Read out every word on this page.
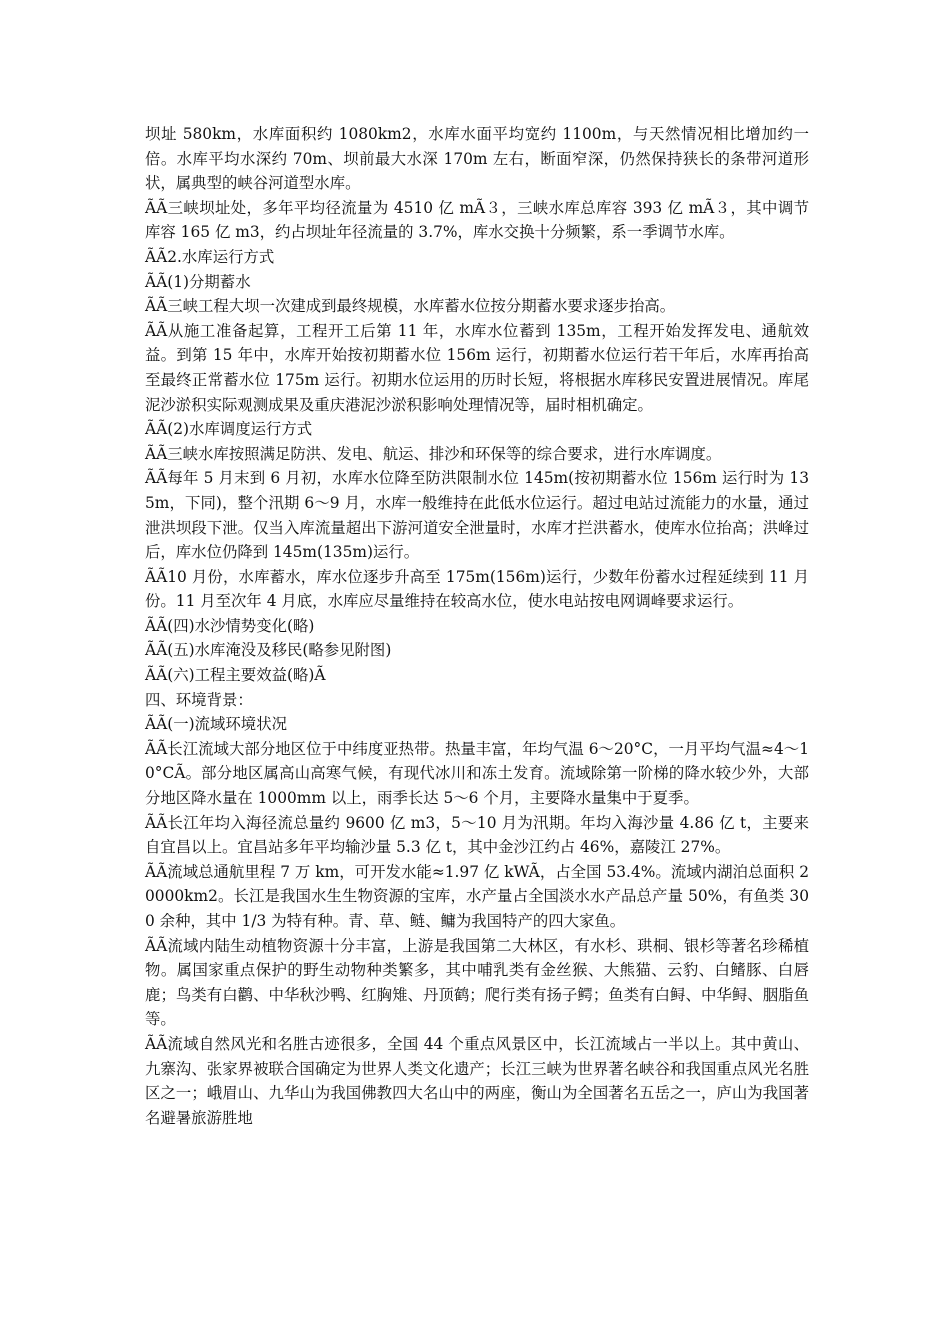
坝址 580km，水库面积约 1080km2，水库水面平均宽约 1100m，与天然情况相比增加约一倍。水库平均水深约 70m、坝前最大水深 170m 左右，断面窄深，仍然保持狭长的条带河道形状，属典型的峡谷河道型水库。

ÃÃ三峡坝址处，多年平均径流量为 4510 亿 mÃ３，三峡水库总库容 393 亿 mÃ３，其中调节库容 165 亿 m3，约占坝址年径流量的 3.7%，库水交换十分频繁，系一季调节水库。

ÃÃ2.水库运行方式

ÃÃ(1)分期蓄水

ÃÃ三峡工程大坝一次建成到最终规模，水库蓄水位按分期蓄水要求逐步抬高。

ÃÃ从施工准备起算，工程开工后第 11 年，水库水位蓄到 135m，工程开始发挥发电、通航效益。到第 15 年中，水库开始按初期蓄水位 156m 运行，初期蓄水位运行若干年后，水库再抬高至最终正常蓄水位 175m 运行。初期水位运用的历时长短，将根据水库移民安置进展情况。库尾泥沙淤积实际观测成果及重庆港泥沙淤积影响处理情况等，届时相机确定。

ÃÃ(2)水库调度运行方式

ÃÃ三峡水库按照满足防洪、发电、航运、排沙和环保等的综合要求，进行水库调度。

ÃÃ每年 5 月末到 6 月初，水库水位降至防洪限制水位 145m(按初期蓄水位 156m 运行时为 135m，下同)，整个汛期 6～9 月，水库一般维持在此低水位运行。超过电站过流能力的水量，通过泄洪坝段下泄。仅当入库流量超出下游河道安全泄量时，水库才拦洪蓄水，使库水位抬高；洪峰过后，库水位仍降到 145m(135m)运行。

ÃÃ10 月份，水库蓄水，库水位逐步升高至 175m(156m)运行，少数年份蓄水过程延续到 11 月份。11 月至次年 4 月底，水库应尽量维持在较高水位，使水电站按电网调峰要求运行。

ÃÃ(四)水沙情势变化(略)

ÃÃ(五)水库淹没及移民(略参见附图)

ÃÃ(六)工程主要效益(略)Ã

四、环境背景：

ÃÃ(一)流域环境状况

ÃÃ长江流域大部分地区位于中纬度亚热带。热量丰富，年均气温 6～20°C，一月平均气温≈4～10°CÃ。部分地区属高山高寒气候，有现代冰川和冻土发育。流域除第一阶梯的降水较少外，大部分地区降水量在 1000mm 以上，雨季长达 5～6 个月，主要降水量集中于夏季。

ÃÃ长江年均入海径流总量约 9600 亿 m3，5～10 月为汛期。年均入海沙量 4.86 亿 t，主要来自宜昌以上。宜昌站多年平均输沙量 5.3 亿 t，其中金沙江约占 46%，嘉陵江 27%。

ÃÃ流域总通航里程 7 万 km，可开发水能≈1.97 亿 kWÃ，占全国 53.4%。流域内湖泊总面积 20000km2。长江是我国水生生物资源的宝库，水产量占全国淡水水产品总产量 50%，有鱼类 300 余种，其中 1/3 为特有种。青、草、鲢、鳙为我国特产的四大家鱼。

ÃÃ流域内陆生动植物资源十分丰富，上游是我国第二大林区，有水杉、珙桐、银杉等著名珍稀植物。属国家重点保护的野生动物种类繁多，其中哺乳类有金丝猴、大熊猫、云豹、白鳍豚、白唇鹿；鸟类有白鹳、中华秋沙鸭、红胸雉、丹顶鹤；爬行类有扬子鳄；鱼类有白鲟、中华鲟、胭脂鱼等。

ÃÃ流域自然风光和名胜古迹很多，全国 44 个重点风景区中，长江流域占一半以上。其中黄山、九寨沟、张家界被联合国确定为世界人类文化遗产；长江三峡为世界著名峡谷和我国重点风光名胜区之一；峨眉山、九华山为我国佛教四大名山中的两座，衡山为全国著名五岳之一，庐山为我国著名避暑旅游胜地
